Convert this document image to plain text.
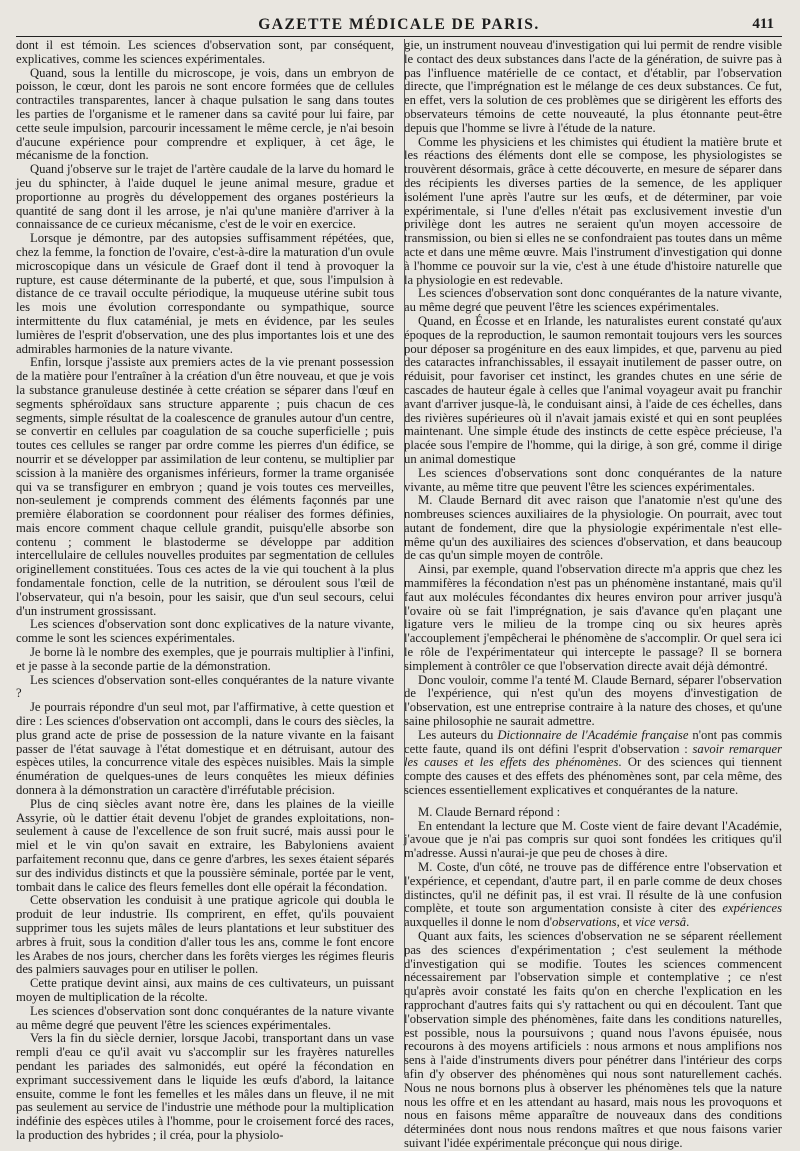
GAZETTE MÉDICALE DE PARIS.	411

dont il est témoin. Les sciences d'observation sont, par conséquent, explicatives, comme les sciences expérimentales.

Quand, sous la lentille du microscope, je vois, dans un embryon de poisson, le cœur, dont les parois ne sont encore formées que de cellules contractiles transparentes, lancer à chaque pulsation le sang dans toutes les parties de l'organisme et le ramener dans sa cavité pour lui faire, par cette seule impulsion, parcourir incessament le même cercle, je n'ai besoin d'aucune expérience pour comprendre et expliquer, à cet âge, le mécanisme de la fonction.

Quand j'observe sur le trajet de l'artère caudale de la larve du homard le jeu du sphincter, à l'aide duquel le jeune animal mesure, gradue et proportionne au progrès du développement des organes postérieurs la quantité de sang dont il les arrose, je n'ai qu'une manière d'arriver à la connaissance de ce curieux mécanisme, c'est de le voir en exercice.

Lorsque je démontre, par des autopsies suffisamment répétées, que, chez la femme, la fonction de l'ovaire, c'est-à-dire la maturation d'un ovule microscopique dans un vésicule de Graef dont il tend à provoquer la rupture, est cause déterminante de la puberté, et que, sous l'impulsion à distance de ce travail occulte périodique, la muqueuse utérine subit tous les mois une évolution correspondante ou sympathique, source intermittente du flux cataménial, je mets en évidence, par les seules lumières de l'esprit d'observation, une des plus importantes lois et une des admirables harmonies de la nature vivante.

Enfin, lorsque j'assiste aux premiers actes de la vie prenant possession de la matière pour l'entraîner à la création d'un être nouveau, et que je vois la substance granuleuse destinée à cette création se séparer dans l'œuf en segments sphéroïdaux sans structure apparente ; puis chacun de ces segments, simple résultat de la coalescence de granules autour d'un centre, se convertir en cellules par coagulation de sa couche superficielle ; puis toutes ces cellules se ranger par ordre comme les pierres d'un édifice, se nourrir et se développer par assimilation de leur contenu, se multiplier par scission à la manière des organismes inférieurs, former la trame organisée qui va se transfigurer en embryon ; quand je vois toutes ces merveilles, non-seulement je comprends comment des éléments façonnés par une première élaboration se coordonnent pour réaliser des formes définies, mais encore comment chaque cellule grandit, puisqu'elle absorbe son contenu ; comment le blastoderme se développe par addition intercellulaire de cellules nouvelles produites par segmentation de cellules originellement constituées. Tous ces actes de la vie qui touchent à la plus fondamentale fonction, celle de la nutrition, se déroulent sous l'œil de l'observateur, qui n'a besoin, pour les saisir, que d'un seul secours, celui d'un instrument grossissant.

Les sciences d'observation sont donc explicatives de la nature vivante, comme le sont les sciences expérimentales.

Je borne là le nombre des exemples, que je pourrais multiplier à l'infini, et je passe à la seconde partie de la démonstration.

Les sciences d'observation sont-elles conquérantes de la nature vivante ?

Je pourrais répondre d'un seul mot, par l'affirmative, à cette question et dire : Les sciences d'observation ont accompli, dans le cours des siècles, la plus grand acte de prise de possession de la nature vivante en la faisant passer de l'état sauvage à l'état domestique et en détruisant, autour des espèces utiles, la concurrence vitale des espèces nuisibles. Mais la simple énumération de quelques-unes de leurs conquêtes les mieux définies donnera à la démonstration un caractère d'irréfutable précision.

Plus de cinq siècles avant notre ère, dans les plaines de la vieille Assyrie, où le dattier était devenu l'objet de grandes exploitations, non-seulement à cause de l'excellence de son fruit sucré, mais aussi pour le miel et le vin qu'on savait en extraire, les Babyloniens avaient parfaitement reconnu que, dans ce genre d'arbres, les sexes étaient séparés sur des individus distincts et que la poussière séminale, portée par le vent, tombait dans le calice des fleurs femelles dont elle opérait la fécondation.

Cette observation les conduisit à une pratique agricole qui doubla le produit de leur industrie. Ils comprirent, en effet, qu'ils pouvaient supprimer tous les sujets mâles de leurs plantations et leur substituer des arbres à fruit, sous la condition d'aller tous les ans, comme le font encore les Arabes de nos jours, chercher dans les forêts vierges les régimes fleuris des palmiers sauvages pour en utiliser le pollen.

Cette pratique devint ainsi, aux mains de ces cultivateurs, un puissant moyen de multiplication de la récolte.

Les sciences d'observation sont donc conquérantes de la nature vivante au même degré que peuvent l'être les sciences expérimentales.

Vers la fin du siècle dernier, lorsque Jacobi, transportant dans un vase rempli d'eau ce qu'il avait vu s'accomplir sur les frayères naturelles pendant les pariades des salmonidés, eut opéré la fécondation en exprimant successivement dans le liquide les œufs d'abord, la laitance ensuite, comme le font les femelles et les mâles dans un fleuve, il ne mit pas seulement au service de l'industrie une méthode pour la multiplication indéfinie des espèces utiles à l'homme, pour le croisement forcé des races, la production des hybrides ; il créa, pour la physiolo-

gie, un instrument nouveau d'investigation qui lui permit de rendre visible le contact des deux substances dans l'acte de la génération, de suivre pas à pas l'influence matérielle de ce contact, et d'établir, par l'observation directe, que l'imprégnation est le mélange de ces deux substances. Ce fut, en effet, vers la solution de ces problèmes que se dirigèrent les efforts des observateurs témoins de cette nouveauté, la plus étonnante peut-être depuis que l'homme se livre à l'étude de la nature.

Comme les physiciens et les chimistes qui étudient la matière brute et les réactions des éléments dont elle se compose, les physiologistes se trouvèrent désormais, grâce à cette découverte, en mesure de séparer dans des récipients les diverses parties de la semence, de les appliquer isolément l'une après l'autre sur les œufs, et de déterminer, par voie expérimentale, si l'une d'elles n'était pas exclusivement investie d'un privilège dont les autres ne seraient qu'un moyen accessoire de transmission, ou bien si elles ne se confondraient pas toutes dans un même acte et dans une même œuvre. Mais l'instrument d'investigation qui donne à l'homme ce pouvoir sur la vie, c'est à une étude d'histoire naturelle que la physiologie en est redevable.

Les sciences d'observation sont donc conquérantes de la nature vivante, au même degré que peuvent l'être les sciences expérimentales.

Quand, en Écosse et en Irlande, les naturalistes eurent constaté qu'aux époques de la reproduction, le saumon remontait toujours vers les sources pour déposer sa progéniture en des eaux limpides, et que, parvenu au pied des cataractes infranchissables, il essayait inutilement de passer outre, on réduisit, pour favoriser cet instinct, les grandes chutes en une série de cascades de hauteur égale à celles que l'animal voyageur avait pu franchir avant d'arriver jusque-là, le conduisant ainsi, à l'aide de ces échelles, dans des rivières supérieures où il n'avait jamais existé et qui en sont peuplées maintenant. Une simple étude des instincts de cette espèce précieuse, l'a placée sous l'empire de l'homme, qui la dirige, à son gré, comme il dirige un animal domestique

Les sciences d'observations sont donc conquérantes de la nature vivante, au même titre que peuvent l'être les sciences expérimentales.

M. Claude Bernard dit avec raison que l'anatomie n'est qu'une des nombreuses sciences auxiliaires de la physiologie. On pourrait, avec tout autant de fondement, dire que la physiologie expérimentale n'est elle-même qu'un des auxiliaires des sciences d'observation, et dans beaucoup de cas qu'un simple moyen de contrôle.

Ainsi, par exemple, quand l'observation directe m'a appris que chez les mammifères la fécondation n'est pas un phénomène instantané, mais qu'il faut aux molécules fécondantes dix heures environ pour arriver jusqu'à l'ovaire où se fait l'imprégnation, je sais d'avance qu'en plaçant une ligature vers le milieu de la trompe cinq ou six heures après l'accouplement j'empêcherai le phénomène de s'accomplir. Or quel sera ici le rôle de l'expérimentateur qui intercepte le passage? Il se bornera simplement à contrôler ce que l'observation directe avait déjà démontré.

Donc vouloir, comme l'a tenté M. Claude Bernard, séparer l'observation de l'expérience, qui n'est qu'un des moyens d'investigation de l'observation, est une entreprise contraire à la nature des choses, et qu'une saine philosophie ne saurait admettre.

Les auteurs du Dictionnaire de l'Académie française n'ont pas commis cette faute, quand ils ont défini l'esprit d'observation : savoir remarquer les causes et les effets des phénomènes. Or des sciences qui tiennent compte des causes et des effets des phénomènes sont, par cela même, des sciences essentiellement explicatives et conquérantes de la nature.

M. Claude Bernard répond :

En entendant la lecture que M. Coste vient de faire devant l'Académie, j'avoue que je n'ai pas compris sur quoi sont fondées les critiques qu'il m'adresse. Aussi n'aurai-je que peu de choses à dire.

M. Coste, d'un côté, ne trouve pas de différence entre l'observation et l'expérience, et cependant, d'autre part, il en parle comme de deux choses distinctes, qu'il ne définit pas, il est vrai. Il résulte de là une confusion complète, et toute son argumentation consiste à citer des expériences auxquelles il donne le nom d'observations, et vice versâ.

Quant aux faits, les sciences d'observation ne se séparent réellement pas des sciences d'expérimentation ; c'est seulement la méthode d'investigation qui se modifie. Toutes les sciences commencent nécessairement par l'observation simple et contemplative ; ce n'est qu'après avoir constaté les faits qu'on en cherche l'explication en les rapprochant d'autres faits qui s'y rattachent ou qui en découlent. Tant que l'observation simple des phénomènes, faite dans les conditions naturelles, est possible, nous la poursuivons ; quand nous l'avons épuisée, nous recourons à des moyens artificiels : nous armons et nous amplifions nos sens à l'aide d'instruments divers pour pénétrer dans l'intérieur des corps afin d'y observer des phénomènes qui nous sont naturellement cachés. Nous ne nous bornons plus à observer les phénomènes tels que la nature nous les offre et en les attendant au hasard, mais nous les provoquons et nous en faisons même apparaître de nouveaux dans des conditions déterminées dont nous nous rendons maîtres et que nous faisons varier suivant l'idée expérimentale préconçue qui nous dirige.
